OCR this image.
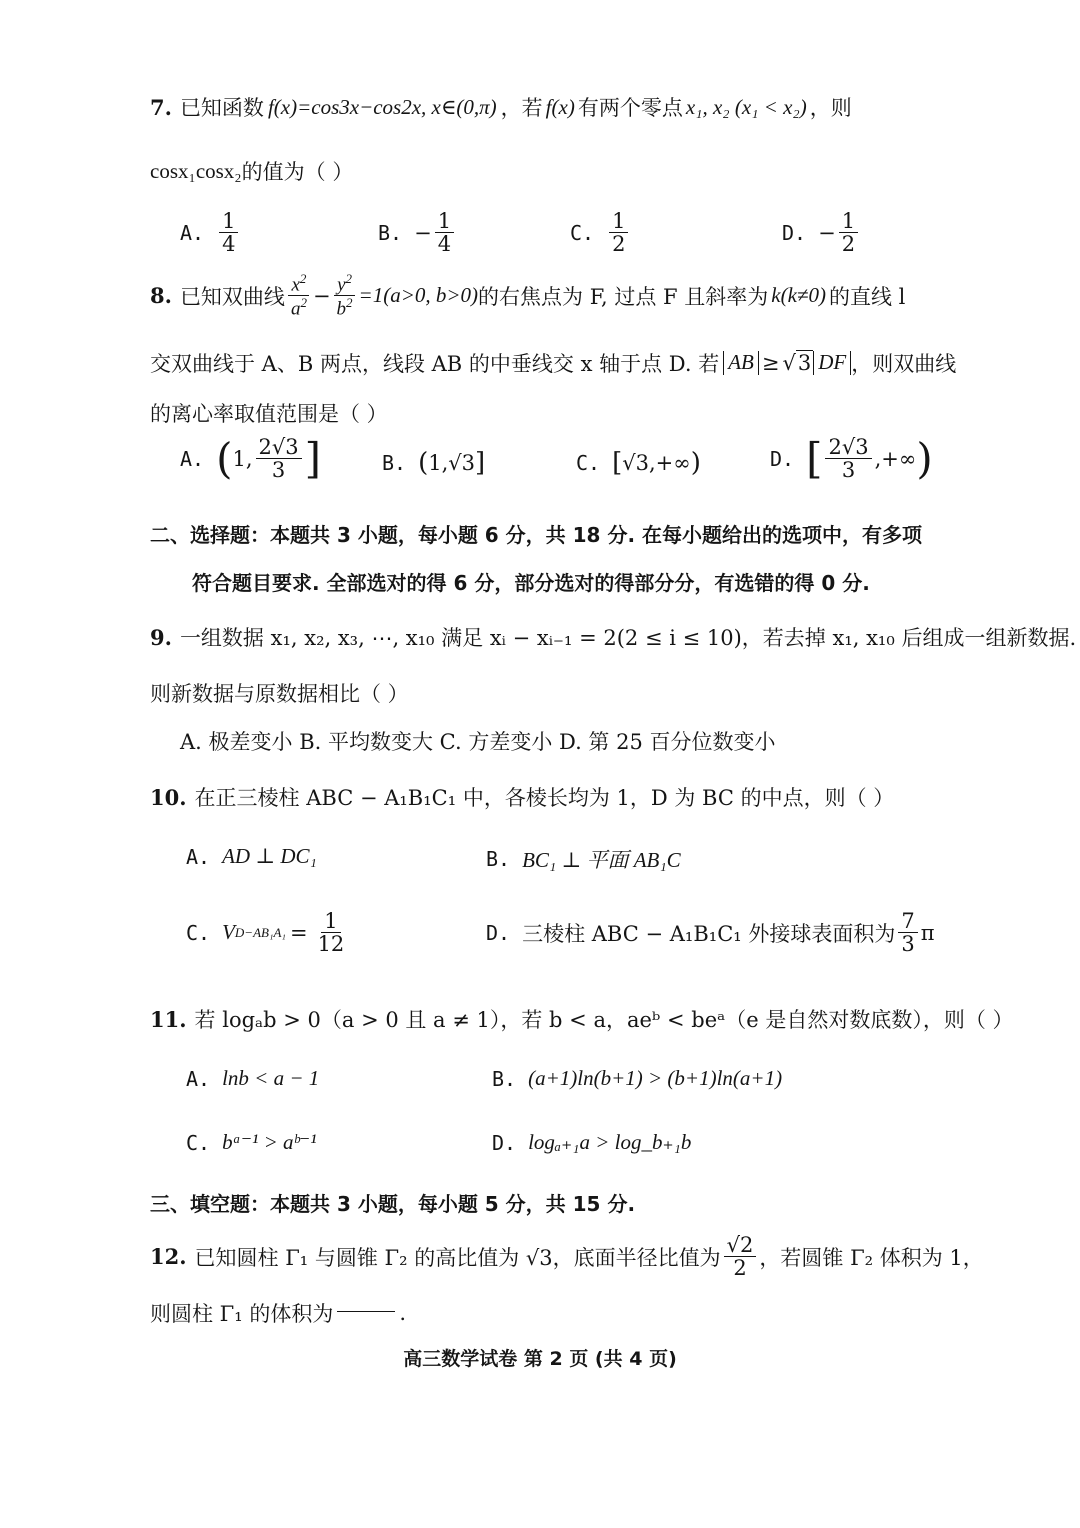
7. 已知函数 f(x)=cos3x−cos2x, x∈(0,π) ，若 f(x) 有两个零点 x₁, x₂ (x₁ < x₂) ，则
cosx₁cosx₂ 的值为（ ）
A. $\frac{1}{4}$	B. − $\frac{1}{4}$	C. $\frac{1}{2}$	D. − $\frac{1}{2}$
8. 已知双曲线 $\frac{x^2}{a^2} - \frac{y^2}{b^2} =1(a>0$, b>0) 的右焦点为 F, 过点 F 且斜率为 k(k≠0) 的直线 l
交双曲线于 A、B 两点，线段 AB 的中垂线交 x 轴于点 D. 若 AB ≥ √3 DF ，则双曲线
的离心率取值范围是（ ）
A. ( 1, $\frac{2√3}{3}$ ]	B. ( 1,√3 ]	C. [ √3,+∞ )	D. [ $\frac{2√3}{3}$ ,+∞ )
二、选择题：本题共 3 小题，每小题 6 分，共 18 分. 在每小题给出的选项中，有多项
符合题目要求. 全部选对的得 6 分，部分选对的得部分分，有选错的得 0 分.
9. 一组数据 x₁, x₂, x₃, ⋯, x₁₀ 满足 xᵢ − xᵢ₋₁ = 2(2 ≤ i ≤ 10)，若去掉 x₁, x₁₀ 后组成一组新数据.
则新数据与原数据相比（ ）
A. 极差变小 B. 平均数变大 C. 方差变小 D. 第 25 百分位数变小
10. 在正三棱柱 ABC − A₁B₁C₁ 中，各棱长均为 1，D 为 BC 的中点，则（ ）
A. AD ⊥ DC₁	B. BC₁ ⊥ 平面 AB₁C
C. V $D-AB_1A_1 = \frac{1}{12}$	D. 三棱柱 ABC − A₁B₁C₁ 外接球表面积为 $\frac{7}{3}$ π
11. 若 logₐb > 0（a > 0 且 a ≠ 1），若 b < a，aeᵇ < beᵃ（e 是自然对数底数），则（ ）
A. lnb < a − 1	B. (a+1)ln(b+1) > (b+1)ln(a+1)
C. bᵃ⁻¹ > aᵇ⁻¹	D. logₐ₊₁a > log_b₊₁b
三、填空题：本题共 3 小题，每小题 5 分，共 15 分.
12. 已知圆柱 Γ₁ 与圆锥 Γ₂ 的高比值为 √3，底面半径比值为 $\frac{√2}{2}$ ，若圆锥 Γ₂ 体积为 1，
则圆柱 Γ₁ 的体积为	.
高三数学试卷 第 2 页 (共 4 页)
